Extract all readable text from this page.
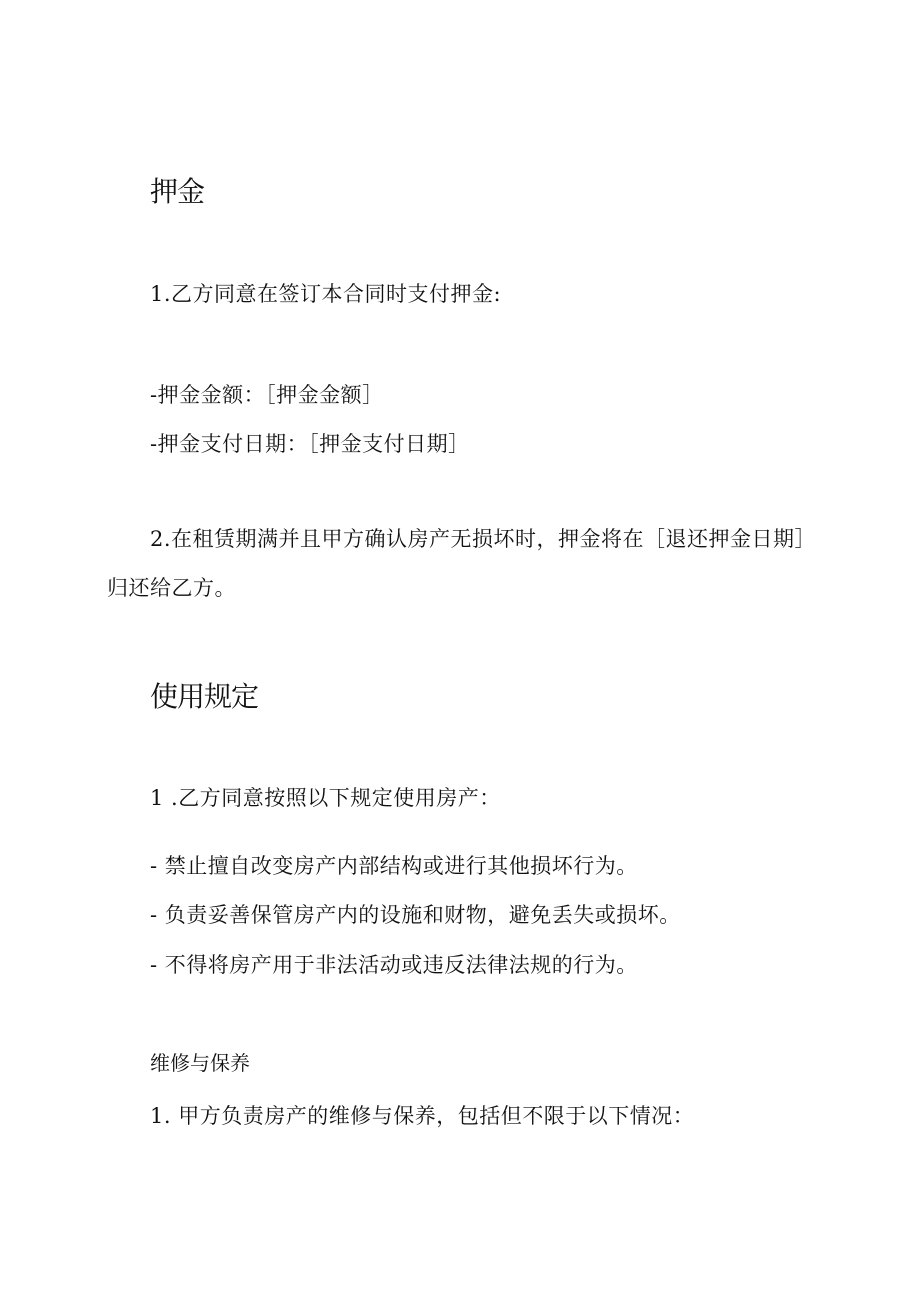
押金
1.乙方同意在签订本合同时支付押金:
-押金金额：［押金金额］
-押金支付日期：［押金支付日期］
2.在租赁期满并且甲方确认房产无损坏时，押金将在［退还押金日期］
归还给乙方。
使用规定
1 .乙方同意按照以下规定使用房产：
- 禁止擅自改变房产内部结构或进行其他损坏行为。
- 负责妥善保管房产内的设施和财物，避免丢失或损坏。
- 不得将房产用于非法活动或违反法律法规的行为。
维修与保养
1. 甲方负责房产的维修与保养，包括但不限于以下情况：
